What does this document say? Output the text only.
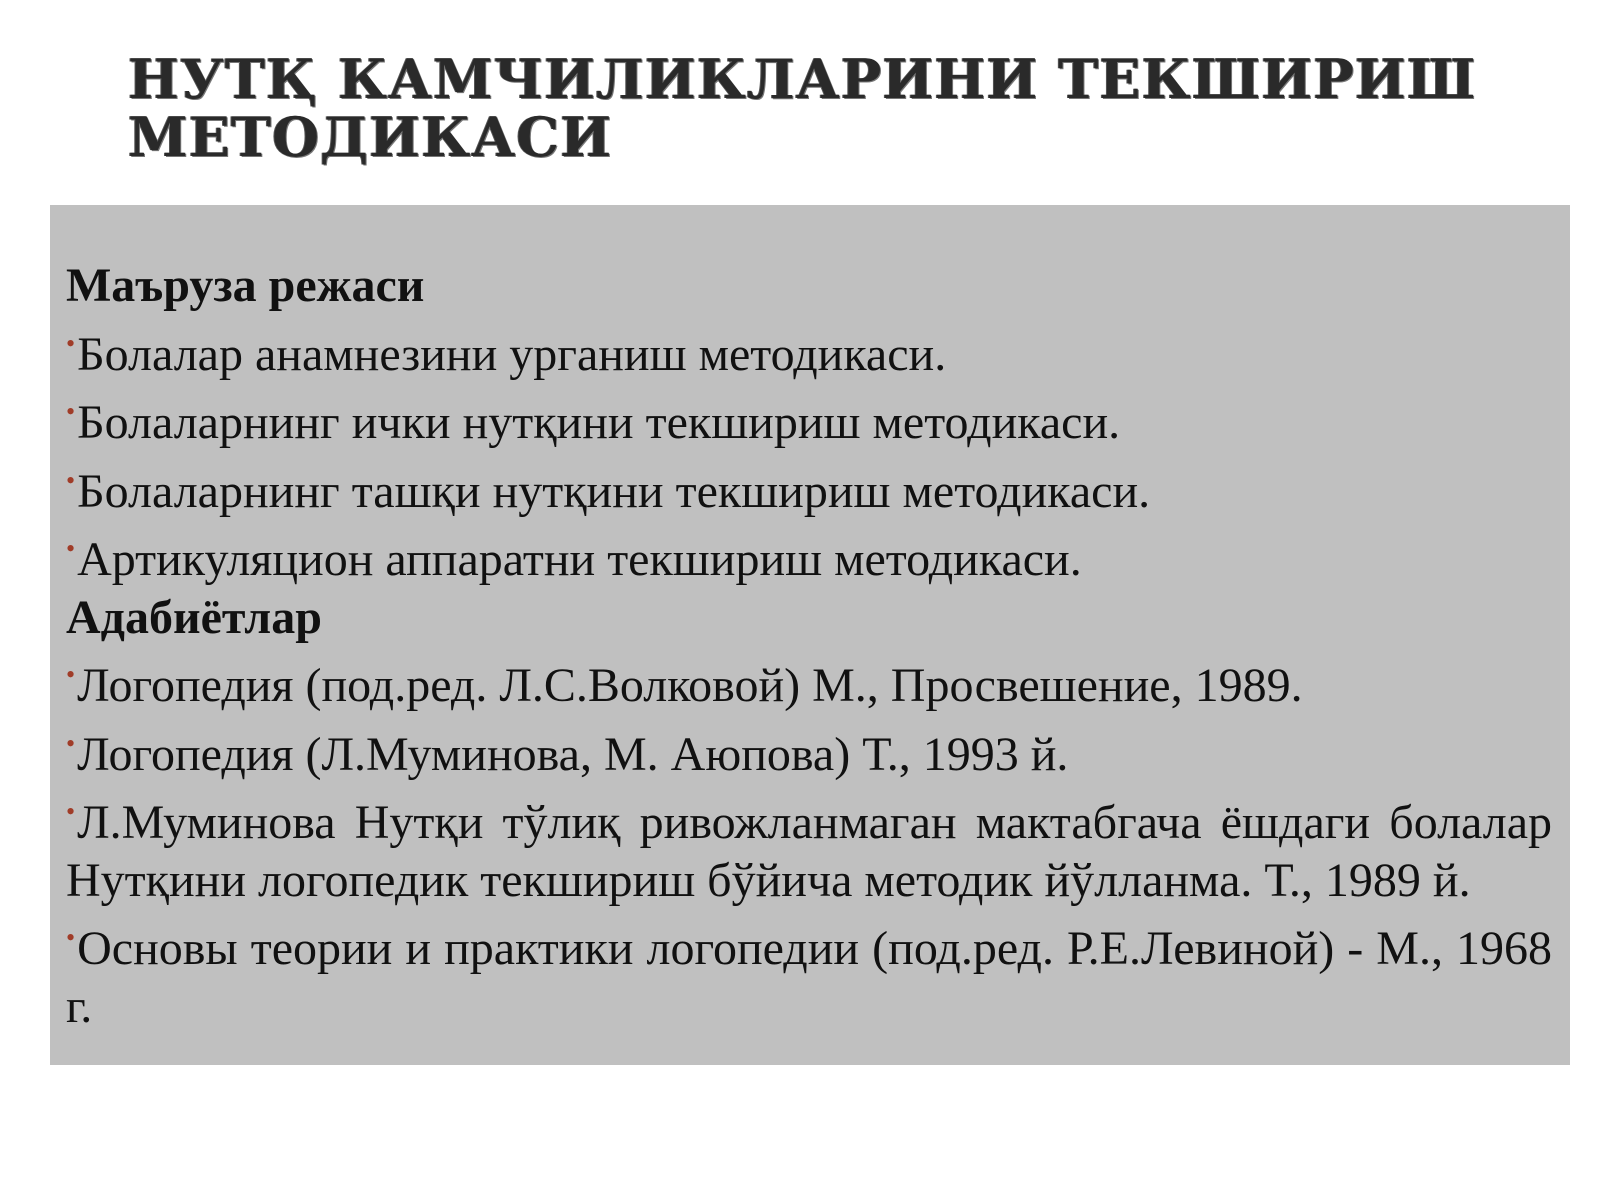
НУТҚ КАМЧИЛИКЛАРИНИ ТЕКШИРИШ
МЕТОДИКАСИ

Маъруза режаси

•Болалар анамнезини урганиш методикаси.
•Болаларнинг ички нутқини текшириш методикаси.
•Болаларнинг ташқи нутқини текшириш методикаси.
•Артикуляцион аппаратни текшириш методикаси.

Адабиётлар

•Логопедия (под.ред. Л.С.Волковой) М., Просвешение, 1989.
•Логопедия (Л.Муминова, М. Аюпова) Т., 1993 й.
•Л.Муминова Нутқи тўлиқ ривожланмаган мактабгача ёшдаги болалар Нутқини логопедик текшириш бўйича методик йўлланма. Т., 1989 й.
•Основы теории и практики логопедии (под.ред. Р.Е.Левиной) - М., 1968 г.
